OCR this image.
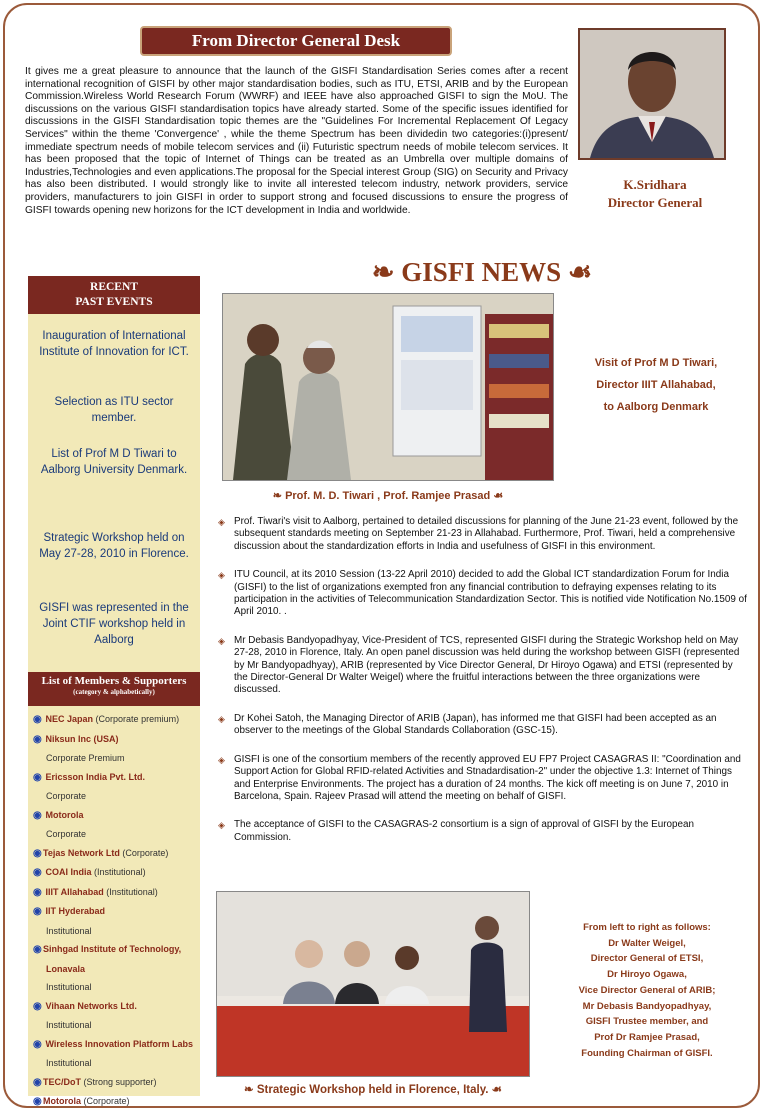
From Director General Desk
It gives me a great pleasure to announce that the launch of the GISFI Standardisation Series comes after a recent international recognition of GISFI by other major standardisation bodies, such as ITU, ETSI, ARIB and by the European Commission.Wireless World Research Forum (WWRF) and IEEE have also approached GISFI to sign the MoU. The discussions on the various GISFI standardisation topics have already started. Some of the specific issues identified for discussions in the GISFI Standardisation topic themes are the "Guidelines For Incremental Replacement Of Legacy Services" within the theme 'Convergence' , while the theme Spectrum has been dividedin two categories:(i)present/ immediate spectrum needs of mobile telecom services and (ii) Futuristic spectrum needs of mobile telecom services. It has been proposed that the topic of Internet of Things can be treated as an Umbrella over multiple domains of Industries,Technologies and even applications.The proposal for the Special interest Group (SIG) on Security and Privacy has also been distributed. I would strongly like to invite all interested telecom industry, network providers, service providers, manufacturers to join GISFI in order to support strong and focused discussions to ensure the progress of GISFI towards opening new horizons for the ICT development in India and worldwide.
K.Sridhara
Director General
RECENT
PAST EVENTS
Inauguration of International Institute of Innovation for ICT.
Selection as ITU sector member.
List of Prof M D Tiwari to Aalborg University Denmark.
Strategic Workshop held on May 27-28, 2010 in Florence.
GISFI was represented in the Joint CTIF workshop held in Aalborg
List of Members & Supporters
(category & alphabetically)
◉ NEC Japan (Corporate premium)
◉ Niksun Inc (USA)
Corporate Premium
◉ Ericsson India Pvt. Ltd.
Corporate
◉ Motorola
Corporate
◉Tejas Network Ltd (Corporate)
◉ COAI India (Institutional)
◉ IIIT Allahabad (Institutional)
◉ IIT Hyderabad
Institutional
◉Sinhgad Institute of Technology,
Lonavala
Institutional
◉ Vihaan Networks Ltd.
Institutional
◉ Wireless Innovation Platform Labs
Institutional
◉TEC/DoT (Strong supporter)
◉Motorola (Corporate)
❧ GISFI NEWS ☙
❧ Prof. M. D. Tiwari , Prof. Ramjee Prasad ☙
Visit of Prof M D Tiwari,
Director IIIT Allahabad,
to Aalborg Denmark
◈ Prof. Tiwari's visit to Aalborg, pertained to detailed discussions for planning of the June 21-23 event, followed by the subsequent standards meeting on September 21-23 in Allahabad. Furthermore, Prof. Tiwari, held a comprehensive discussion about the standardization efforts in India and usefulness of GISFI in this environment.
◈ ITU Council, at its 2010 Session (13-22 April 2010) decided to add the Global ICT standardization Forum for India (GISFI) to the list of organizations exempted fron any financial contribution to defraying expenses relating to its participation in the activities of Telecommunication Standardization Sector. This is notified vide Notification No.1509 of April 2010. .
◈ Mr Debasis Bandyopadhyay, Vice-President of TCS, represented GISFI during the Strategic Workshop held on May 27-28, 2010 in Florence, Italy. An open panel discussion was held during the workshop between GISFI (represented by Mr Bandyopadhyay), ARIB (represented by Vice Director General, Dr Hiroyo Ogawa) and ETSI (represented by the Director-General Dr Walter Weigel) where the fruitful interactions between the three organizations were discussed.
◈ Dr Kohei Satoh, the Managing Director of ARIB (Japan), has informed me that GISFI had been accepted as an observer to the meetings of the Global Standards Collaboration (GSC-15).
◈ GISFI is one of the consortium members of the recently approved EU FP7 Project CASAGRAS II: "Coordination and Support Action for Global RFID-related Activities and Stnadardisation-2" under the objective 1.3: Internet of Things and Enterprise Environments. The project has a duration of 24 months. The kick off meeting is on June 7, 2010 in Barcelona, Spain. Rajeev Prasad will attend the meeting on behalf of GISFI.
◈ The acceptance of GISFI to the CASAGRAS-2 consortium is a sign of approval of GISFI by the European Commission.
❧ Strategic Workshop held in Florence, Italy. ☙
From left to right as follows:
Dr Walter Weigel,
Director General of ETSI,
Dr Hiroyo Ogawa,
Vice Director General of ARIB;
Mr Debasis Bandyopadhyay,
GISFI Trustee member, and
Prof Dr Ramjee Prasad,
Founding Chairman of GISFI.
